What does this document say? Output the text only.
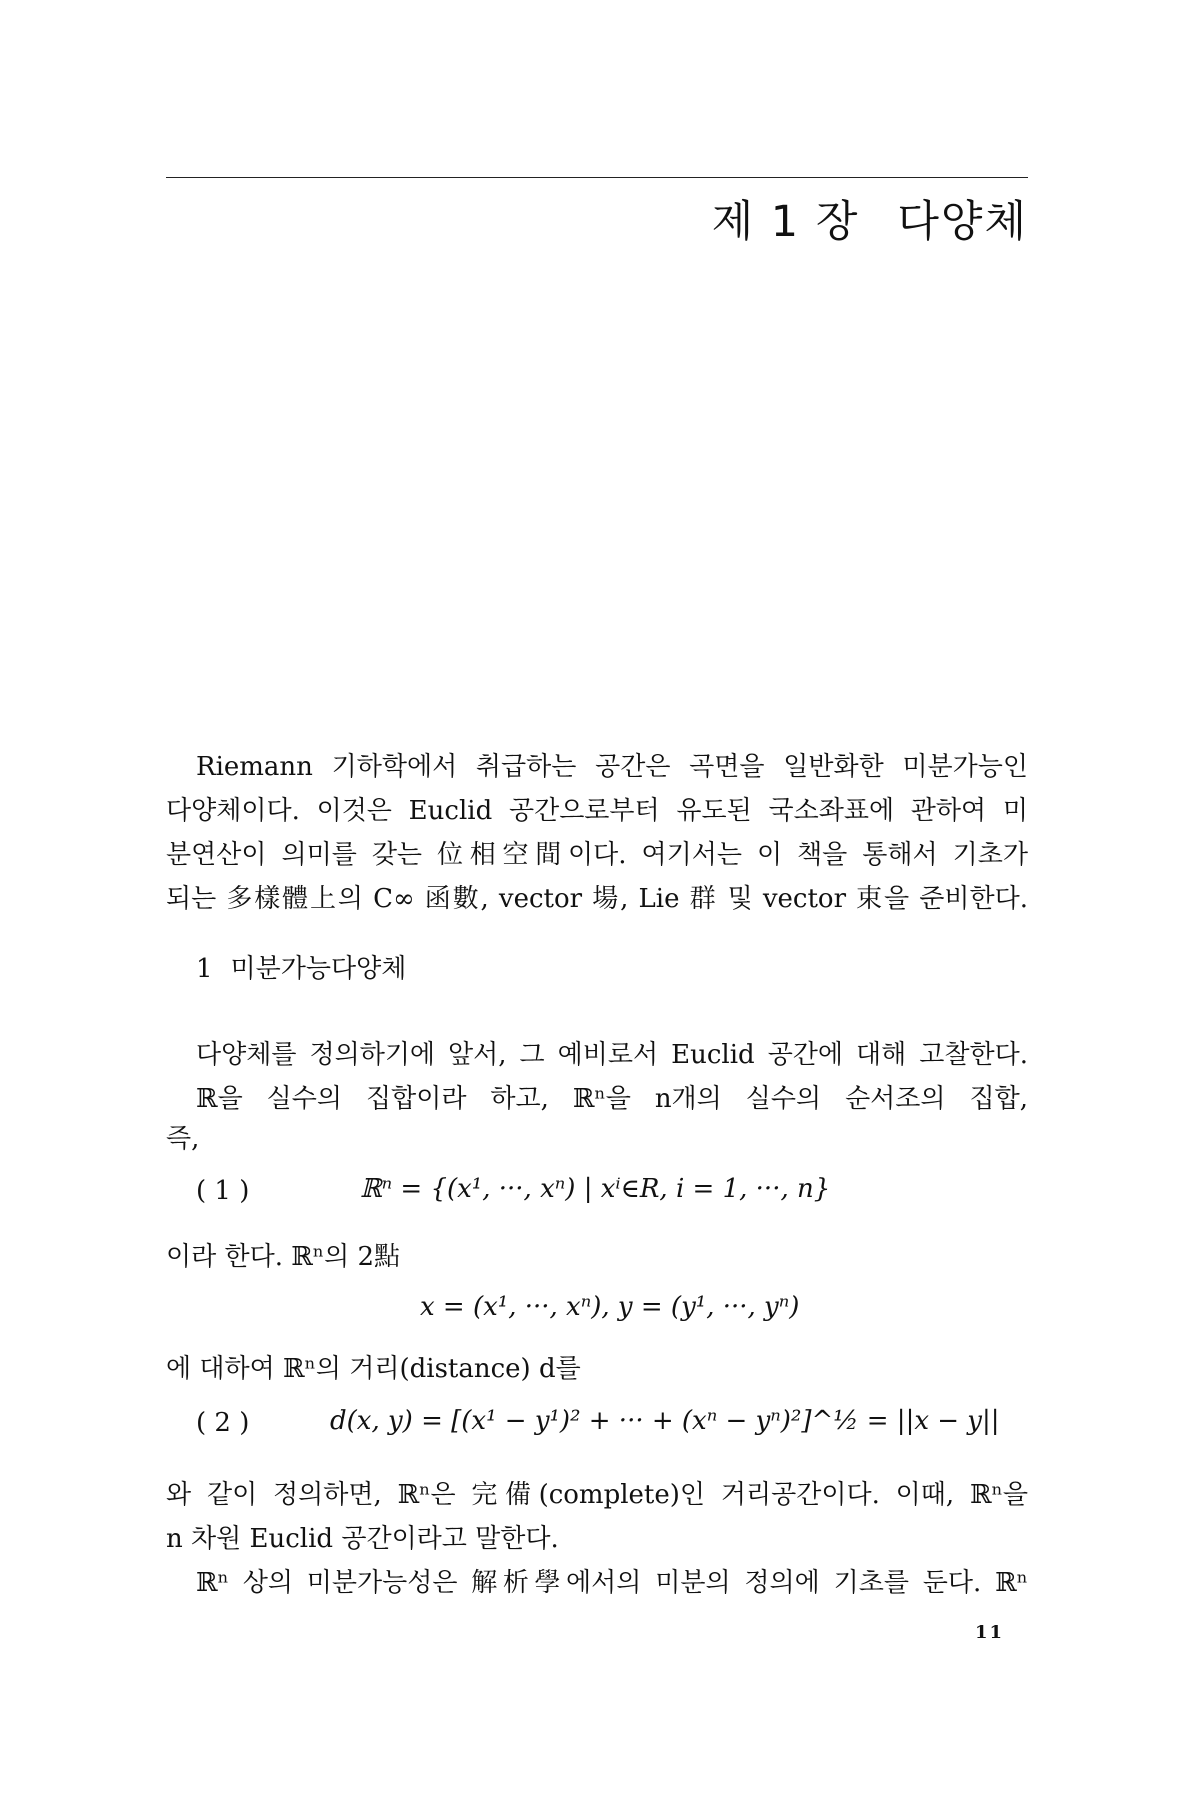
제 1 장 다양체
Riemann 기하학에서 취급하는 공간은 곡면을 일반화한 미분가능인
다양체이다. 이것은 Euclid 공간으로부터 유도된 국소좌표에 관하여 미
분연산이 의미를 갖는 位相空間이다. 여기서는 이 책을 통해서 기초가
되는 多樣體上의 C∞ 函數, vector 場, Lie 群 및 vector 束을 준비한다.
1 미분가능다양체
다양체를 정의하기에 앞서, 그 예비로서 Euclid 공간에 대해 고찰한다.
ℝ을 실수의 집합이라 하고, ℝⁿ을 n개의 실수의 순서조의 집합,
즉,
( 1 )	ℝⁿ = {(x¹, ···, xⁿ) | xⁱ∈R, i = 1, ···, n}
이라 한다. ℝⁿ의 2點
x = (x¹, ···, xⁿ), y = (y¹, ···, yⁿ)
에 대하여 ℝⁿ의 거리(distance) d를
( 2 )	d(x, y) = [(x¹ − y¹)² + ··· + (xⁿ − yⁿ)²]^½ = ||x − y||
와 같이 정의하면, ℝⁿ은 完備(complete)인 거리공간이다. 이때, ℝⁿ을
n 차원 Euclid 공간이라고 말한다.
ℝⁿ 상의 미분가능성은 解析學에서의 미분의 정의에 기초를 둔다. ℝⁿ
11
